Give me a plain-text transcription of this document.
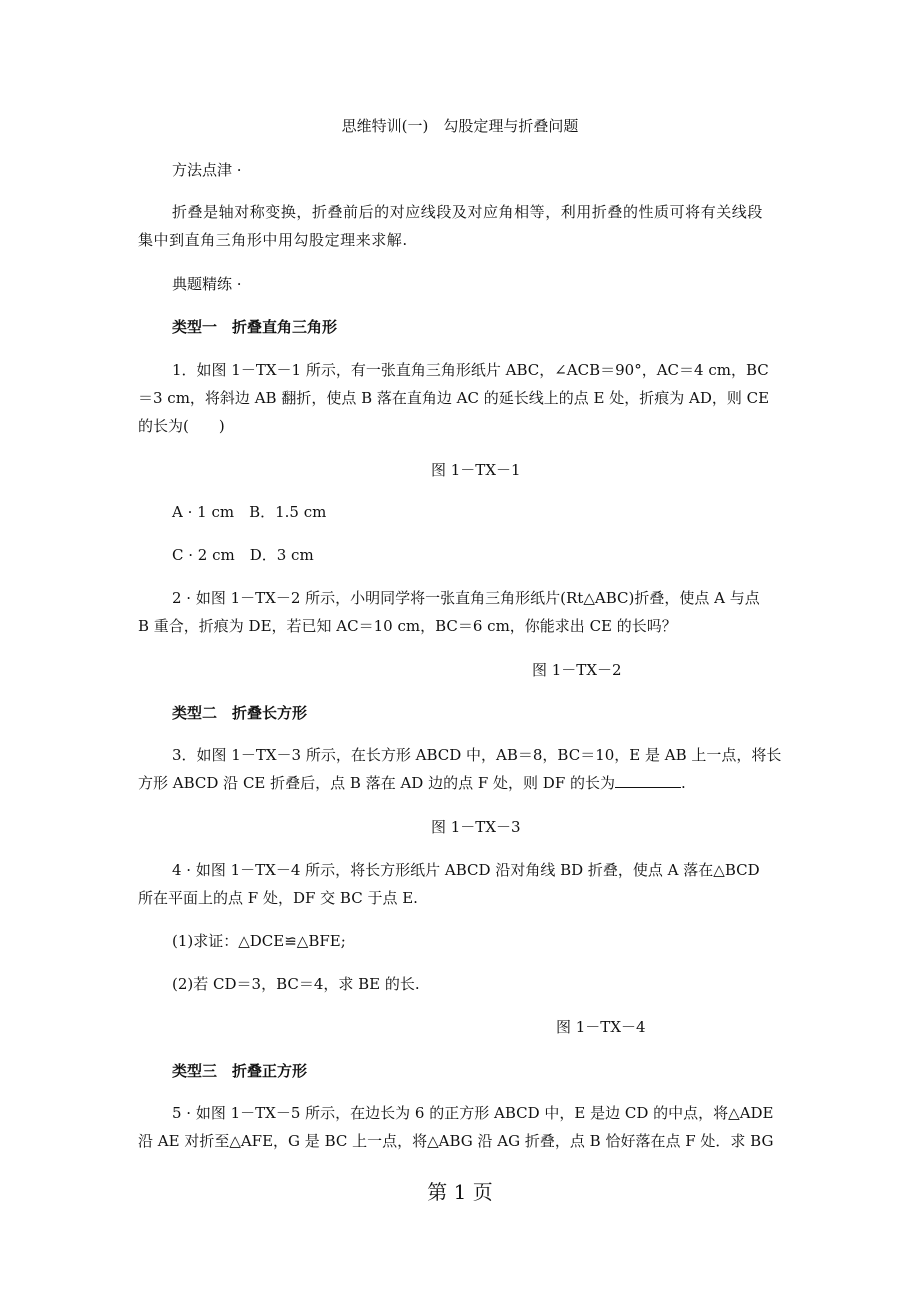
思维特训(一)　勾股定理与折叠问题
方法点津 ·
折叠是轴对称变换，折叠前后的对应线段及对应角相等，利用折叠的性质可将有关线段
集中到直角三角形中用勾股定理来求解.
典题精练 ·
类型一　折叠直角三角形
1．如图 1－TX－1 所示，有一张直角三角形纸片 ABC，∠ACB＝90°，AC＝4 cm，BC
＝3 cm，将斜边 AB 翻折，使点 B 落在直角边 AC 的延长线上的点 E 处，折痕为 AD，则 CE
的长为(　　)
图 1－TX－1
A · 1 cm　B．1.5 cm
C · 2 cm　D．3 cm
2 · 如图 1－TX－2 所示，小明同学将一张直角三角形纸片(Rt△ABC)折叠，使点 A 与点
B 重合，折痕为 DE，若已知 AC＝10 cm，BC＝6 cm，你能求出 CE 的长吗？
图 1－TX－2
类型二　折叠长方形
3．如图 1－TX－3 所示，在长方形 ABCD 中，AB＝8，BC＝10，E 是 AB 上一点，将长
方形 ABCD 沿 CE 折叠后，点 B 落在 AD 边的点 F 处，则 DF 的长为	.
图 1－TX－3
4 · 如图 1－TX－4 所示，将长方形纸片 ABCD 沿对角线 BD 折叠，使点 A 落在△BCD
所在平面上的点 F 处，DF 交 BC 于点 E.
(1)求证：△DCE≌△BFE;
(2)若 CD＝3，BC＝4，求 BE 的长.
图 1－TX－4
类型三　折叠正方形
5 · 如图 1－TX－5 所示，在边长为 6 的正方形 ABCD 中，E 是边 CD 的中点，将△ADE
沿 AE 对折至△AFE，G 是 BC 上一点，将△ABG 沿 AG 折叠，点 B 恰好落在点 F 处．求 BG
第 1 页
